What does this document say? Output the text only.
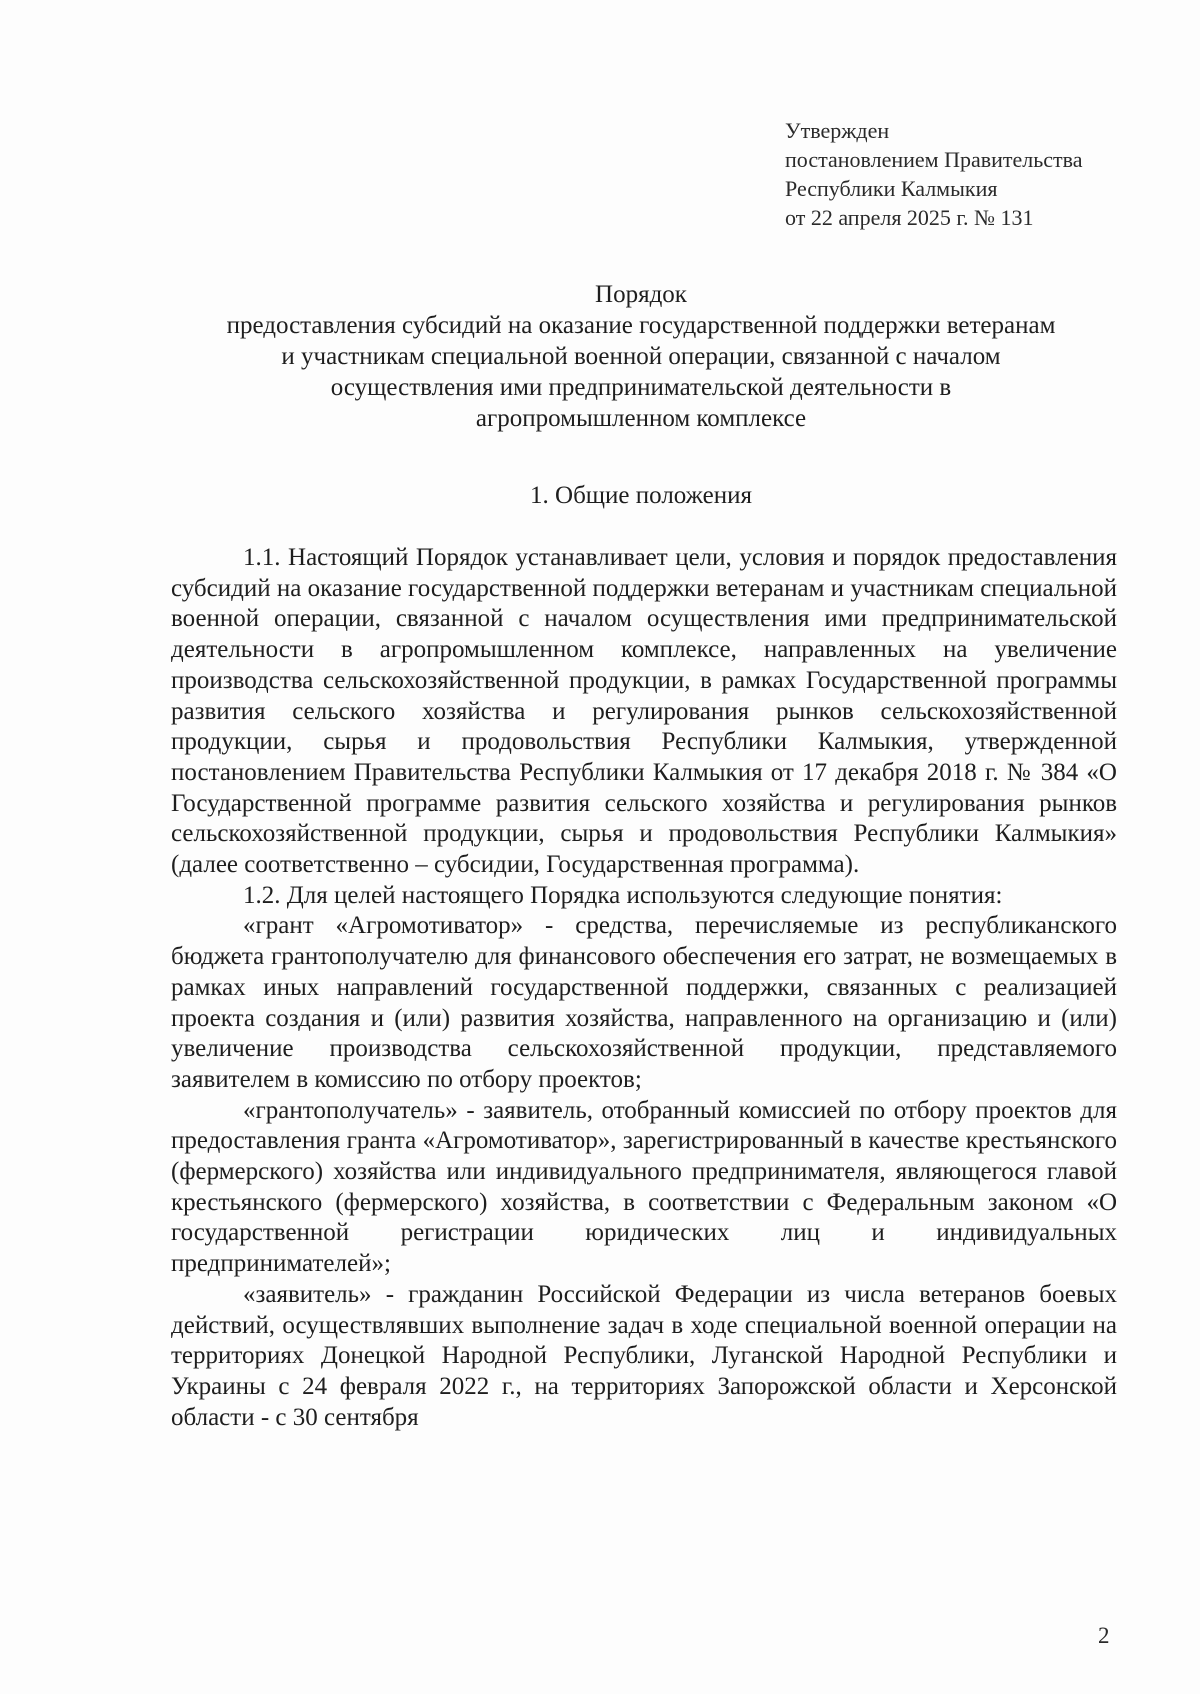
Утвержден
постановлением Правительства
Республики Калмыкия
от 22 апреля 2025 г. № 131
Порядок
предоставления субсидий на оказание государственной поддержки ветеранам
и участникам специальной военной операции, связанной с началом
осуществления ими предпринимательской деятельности в
агропромышленном комплексе
1. Общие положения

1.1. Настоящий Порядок устанавливает цели, условия и порядок предоставления субсидий на оказание государственной поддержки ветеранам и участникам специальной военной операции, связанной с началом осуществления ими предпринимательской деятельности в агропромышленном комплексе, направленных на увеличение производства сельскохозяйственной продукции, в рамках Государственной программы развития сельского хозяйства и регулирования рынков сельскохозяйственной продукции, сырья и продовольствия Республики Калмыкия, утвержденной постановлением Правительства Республики Калмыкия от 17 декабря 2018 г. № 384 «О Государственной программе развития сельского хозяйства и регулирования рынков сельскохозяйственной продукции, сырья и продовольствия Республики Калмыкия» (далее соответственно – субсидии, Государственная программа).

1.2. Для целей настоящего Порядка используются следующие понятия:

«грант «Агромотиватор» - средства, перечисляемые из республиканского бюджета грантополучателю для финансового обеспечения его затрат, не возмещаемых в рамках иных направлений государственной поддержки, связанных с реализацией проекта создания и (или) развития хозяйства, направленного на организацию и (или) увеличение производства сельскохозяйственной продукции, представляемого заявителем в комиссию по отбору проектов;

«грантополучатель» - заявитель, отобранный комиссией по отбору проектов для предоставления гранта «Агромотиватор», зарегистрированный в качестве крестьянского (фермерского) хозяйства или индивидуального предпринимателя, являющегося главой крестьянского (фермерского) хозяйства, в соответствии с Федеральным законом «О государственной регистрации юридических лиц и индивидуальных предпринимателей»;

«заявитель» - гражданин Российской Федерации из числа ветеранов боевых действий, осуществлявших выполнение задач в ходе специальной военной операции на территориях Донецкой Народной Республики, Луганской Народной Республики и Украины с 24 февраля 2022 г., на территориях Запорожской области и Херсонской области - с 30 сентября

2
